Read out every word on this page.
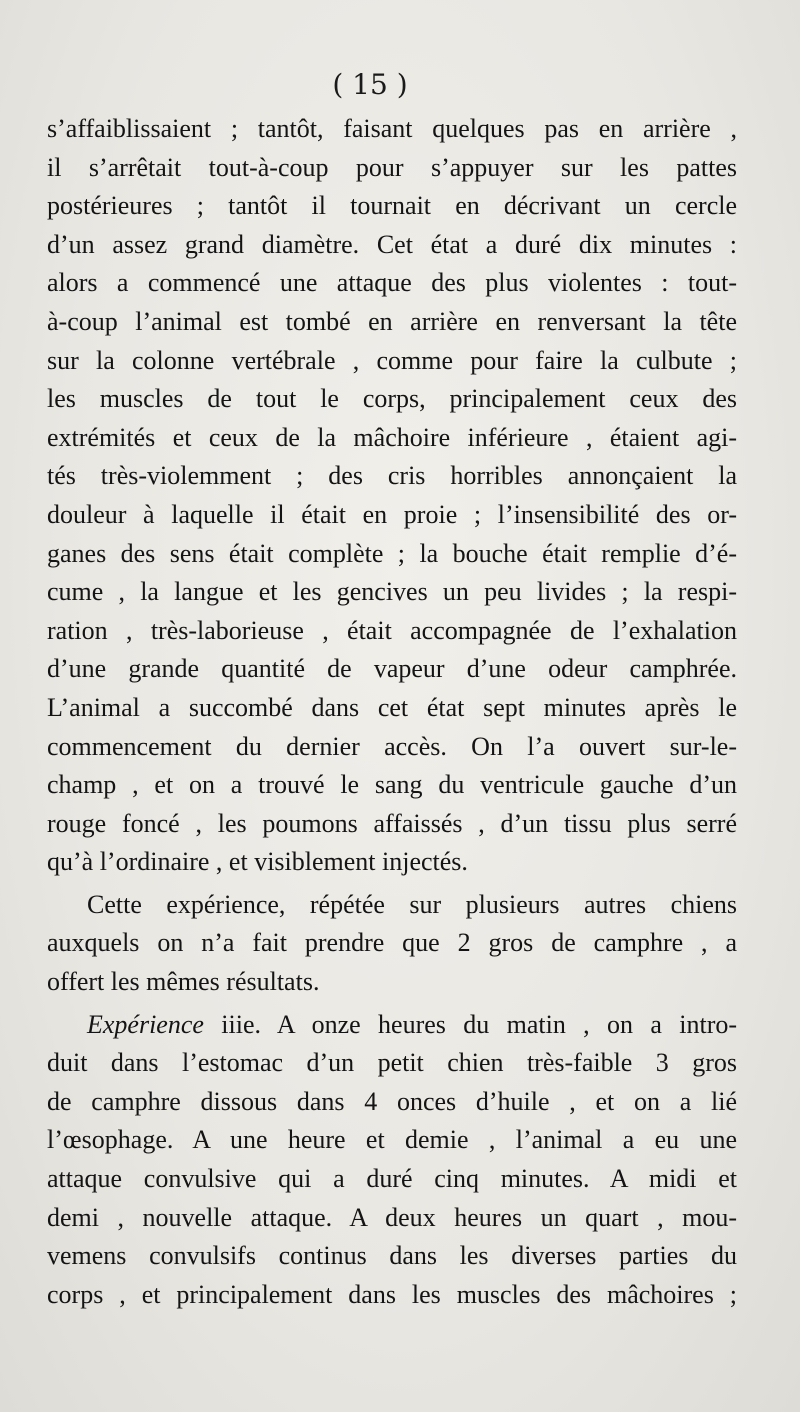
( 15 )
s’affaiblissaient ; tantôt, faisant quelques pas en arrière ,
il s’arrêtait tout-à-coup pour s’appuyer sur les pattes
postérieures ; tantôt il tournait en décrivant un cercle
d’un assez grand diamètre. Cet état a duré dix minutes :
alors a commencé une attaque des plus violentes : tout-
à-coup l’animal est tombé en arrière en renversant la tête
sur la colonne vertébrale , comme pour faire la culbute ;
les muscles de tout le corps, principalement ceux des
extrémités et ceux de la mâchoire inférieure , étaient agi-
tés très-violemment ; des cris horribles annonçaient la
douleur à laquelle il était en proie ; l’insensibilité des or-
ganes des sens était complète ; la bouche était remplie d’é-
cume , la langue et les gencives un peu livides ; la respi-
ration , très-laborieuse , était accompagnée de l’exhalation
d’une grande quantité de vapeur d’une odeur camphrée.
L’animal a succombé dans cet état sept minutes après le
commencement du dernier accès. On l’a ouvert sur-le-
champ , et on a trouvé le sang du ventricule gauche d’un
rouge foncé , les poumons affaissés , d’un tissu plus serré
qu’à l’ordinaire , et visiblement injectés.
Cette expérience, répétée sur plusieurs autres chiens
auxquels on n’a fait prendre que 2 gros de camphre , a
offert les mêmes résultats.
Expérience iiie. A onze heures du matin , on a intro-
duit dans l’estomac d’un petit chien très-faible 3 gros
de camphre dissous dans 4 onces d’huile , et on a lié
l’œsophage. A une heure et demie , l’animal a eu une
attaque convulsive qui a duré cinq minutes. A midi et
demi , nouvelle attaque. A deux heures un quart , mou-
vemens convulsifs continus dans les diverses parties du
corps , et principalement dans les muscles des mâchoires ;
